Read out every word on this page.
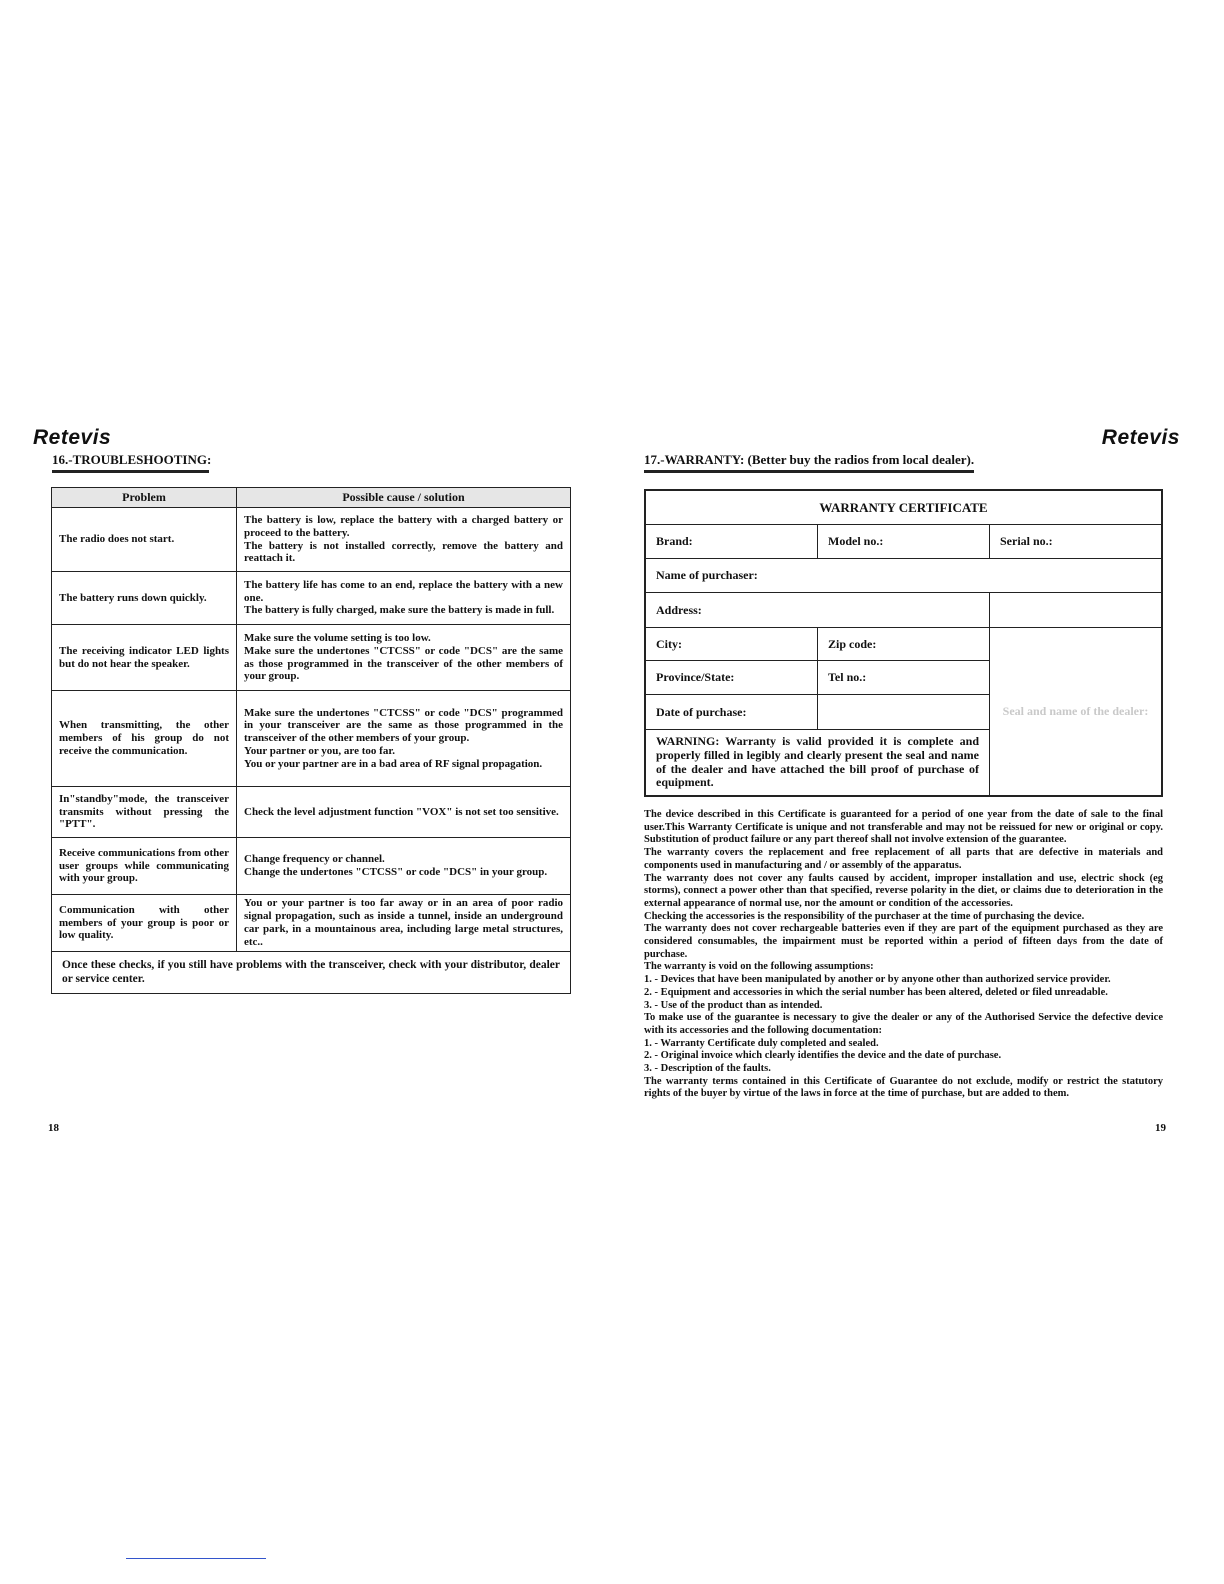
Retevis	Retevis
16.-TROUBLESHOOTING:	17.-WARRANTY: (Better buy the radios from local dealer).
Problem	Possible cause / solution
The radio does not start.	The battery is low, replace the battery with a charged battery or proceed to the battery.
The battery is not installed correctly, remove the battery and reattach it.
The battery runs down quickly.	The battery life has come to an end, replace the battery with a new one.
The battery is fully charged, make sure the battery is made in full.
The receiving indicator LED lights but do not hear the speaker.	Make sure the volume setting is too low.
Make sure the undertones "CTCSS" or code "DCS" are the same as those programmed in the transceiver of the other members of your group.
When transmitting, the other members of his group do not receive the communication.	Make sure the undertones "CTCSS" or code "DCS" programmed in your transceiver are the same as those programmed in the transceiver of the other members of your group.
Your partner or you, are too far.
You or your partner are in a bad area of RF signal propagation.
In"standby"mode, the transceiver transmits without pressing the "PTT".	Check the level adjustment function "VOX" is not set too sensitive.
Receive communications from other user groups while communicating with your group.	Change frequency or channel.
Change the undertones "CTCSS" or code "DCS" in your group.
Communication with other members of your group is poor or low quality.	You or your partner is too far away or in an area of poor radio signal propagation, such as inside a tunnel, inside an underground car park, in a mountainous area, including large metal structures, etc..
Once these checks, if you still have problems with the transceiver, check with your distributor, dealer or service center.	
WARRANTY CERTIFICATE		
Brand:	Model no.:	Serial no.:
Name of purchaser:		
Address:		
City:	Zip code:	Seal and name of the dealer:
Province/State:	Tel no.:	
Date of purchase:		
WARNING: Warranty is valid provided it is complete and properly filled in legibly and clearly present the seal and name of the dealer and have attached the bill proof of purchase of equipment.		

The device described in this Certificate is guaranteed for a period of one year from the date of sale to the final user.This Warranty Certificate is unique and not transferable and may not be reissued for new or original or copy. Substitution of product failure or any part thereof shall not involve extension of the guarantee.

The warranty covers the replacement and free replacement of all parts that are defective in materials and components used in manufacturing and / or assembly of the apparatus.

The warranty does not cover any faults caused by accident, improper installation and use, electric shock (eg storms), connect a power other than that specified, reverse polarity in the diet, or claims due to deterioration in the external appearance of normal use, nor the amount or condition of the accessories.

Checking the accessories is the responsibility of the purchaser at the time of purchasing the device.

The warranty does not cover rechargeable batteries even if they are part of the equipment purchased as they are considered consumables, the impairment must be reported within a period of fifteen days from the date of purchase.

The warranty is void on the following assumptions:

1. - Devices that have been manipulated by another or by anyone other than authorized service provider.

2. - Equipment and accessories in which the serial number has been altered, deleted or filed unreadable.

3. - Use of the product than as intended.

To make use of the guarantee is necessary to give the dealer or any of the Authorised Service the defective device with its accessories and the following documentation:

1. - Warranty Certificate duly completed and sealed.

2. - Original invoice which clearly identifies the device and the date of purchase.

3. - Description of the faults.

The warranty terms contained in this Certificate of Guarantee do not exclude, modify or restrict the statutory rights of the buyer by virtue of the laws in force at the time of purchase, but are added to them.

18	19
